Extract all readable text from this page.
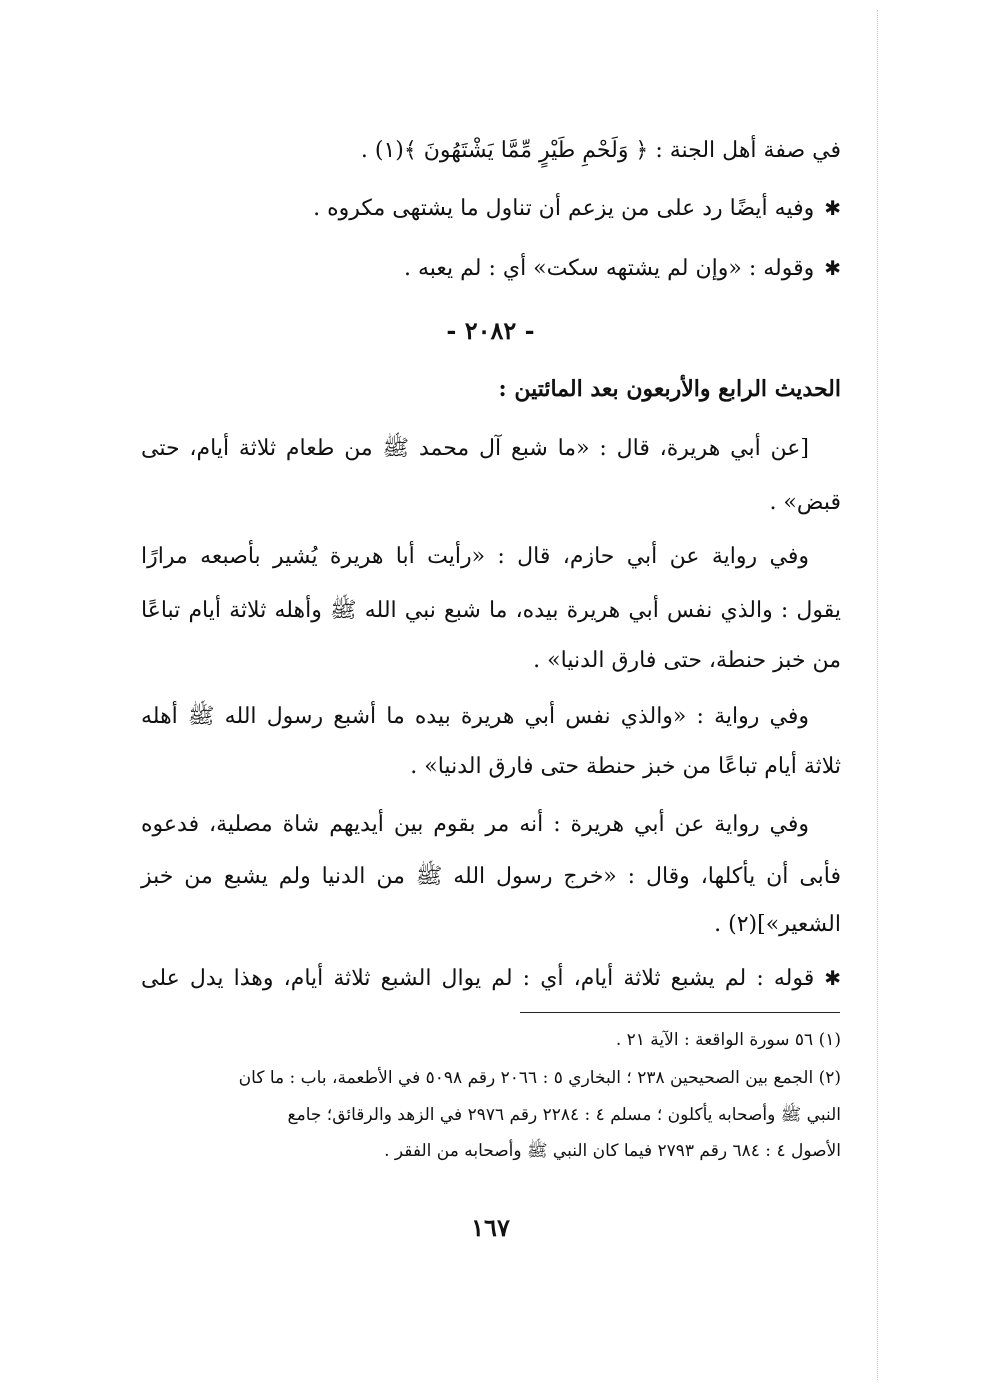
في صفة أهل الجنة : ﴿ وَلَحْمِ طَيْرٍ مِّمَّا يَشْتَهُونَ ﴾(١) .
✱وفيه أيضًا رد على من يزعم أن تناول ما يشتهى مكروه .
✱وقوله : «وإن لم يشتهه سكت» أي : لم يعبه .
- ٢٠٨٢ -
الحديث الرابع والأربعون بعد المائتين :
[عن أبي هريرة، قال : «ما شبع آل محمد ﷺ من طعام ثلاثة أيام، حتى
قبض» .
وفي رواية عن أبي حازم، قال : «رأيت أبا هريرة يُشير بأصبعه مرارًا
يقول : والذي نفس أبي هريرة بيده، ما شبع نبي الله ﷺ وأهله ثلاثة أيام تباعًا
من خبز حنطة، حتى فارق الدنيا» .
وفي رواية : «والذي نفس أبي هريرة بيده ما أشبع رسول الله ﷺ أهله
ثلاثة أيام تباعًا من خبز حنطة حتى فارق الدنيا» .
وفي رواية عن أبي هريرة : أنه مر بقوم بين أيديهم شاة مصلية، فدعوه
فأبى أن يأكلها، وقال : «خرج رسول الله ﷺ من الدنيا ولم يشبع من خبز
الشعير»](٢) .
✱قوله : لم يشبع ثلاثة أيام، أي : لم يوال الشبع ثلاثة أيام، وهذا يدل على
(١) ٥٦ سورة الواقعة : الآية ٢١ .
(٢) الجمع بين الصحيحين ٢٣٨ ؛ البخاري ٥ : ٢٠٦٦ رقم ٥٠٩٨ في الأطعمة، باب : ما كان
النبي ﷺ وأصحابه يأكلون ؛ مسلم ٤ : ٢٢٨٤ رقم ٢٩٧٦ في الزهد والرقائق؛ جامع
الأصول ٤ : ٦٨٤ رقم ٢٧٩٣ فيما كان النبي ﷺ وأصحابه من الفقر .
١٦٧
